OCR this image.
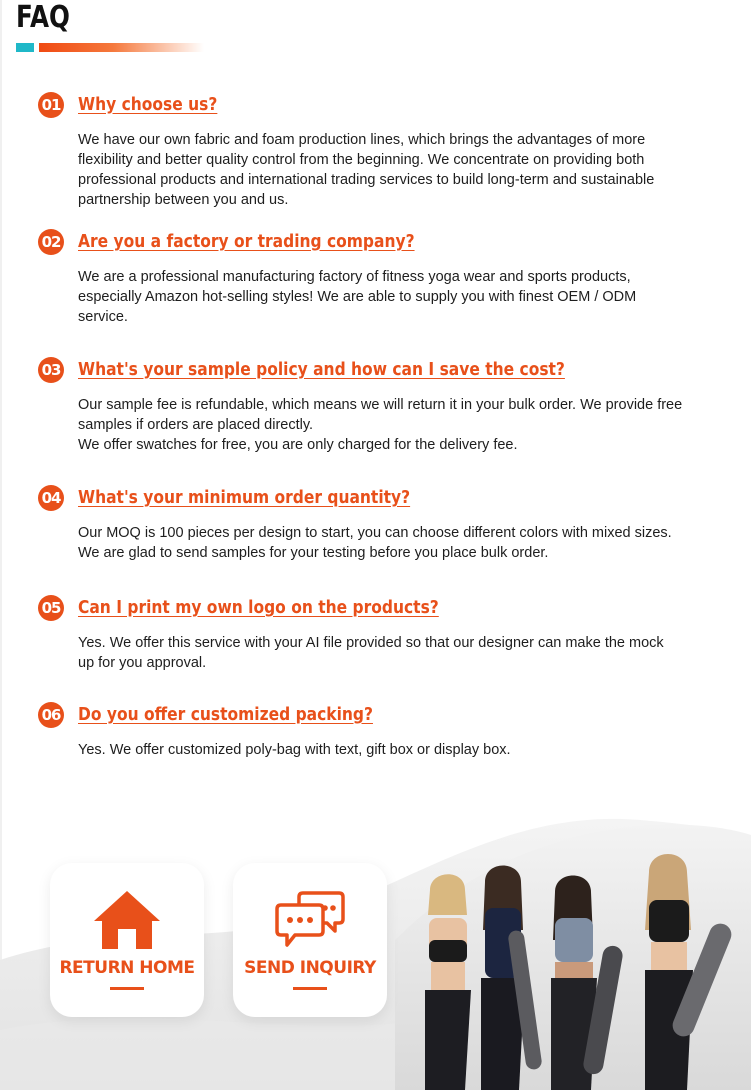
FAQ
01 Why choose us?
We have our own fabric and foam production lines, which brings the advantages of more flexibility and better quality control from the beginning. We concentrate on providing both professional products and international trading services to build long-term and sustainable partnership between you and us.
02 Are you a factory or trading company?
We are a professional manufacturing factory of fitness yoga wear and sports products, especially Amazon hot-selling styles! We are able to supply you with finest OEM / ODM service.
03 What's your sample policy and how can I save the cost?
Our sample fee is refundable, which means we will return it in your bulk order. We provide free samples if orders are placed directly.
We offer swatches for free, you are only charged for the delivery fee.
04 What's your minimum order quantity?
Our MOQ is 100 pieces per design to start, you can choose different colors with mixed sizes. We are glad to send samples for your testing before you place bulk order.
05 Can I print my own logo on the products?
Yes. We offer this service with your AI file provided so that our designer can make the mock up for you approval.
06 Do you offer customized packing?
Yes. We offer customized poly-bag with text, gift box or display box.
RETURN HOME	SEND INQUIRY
